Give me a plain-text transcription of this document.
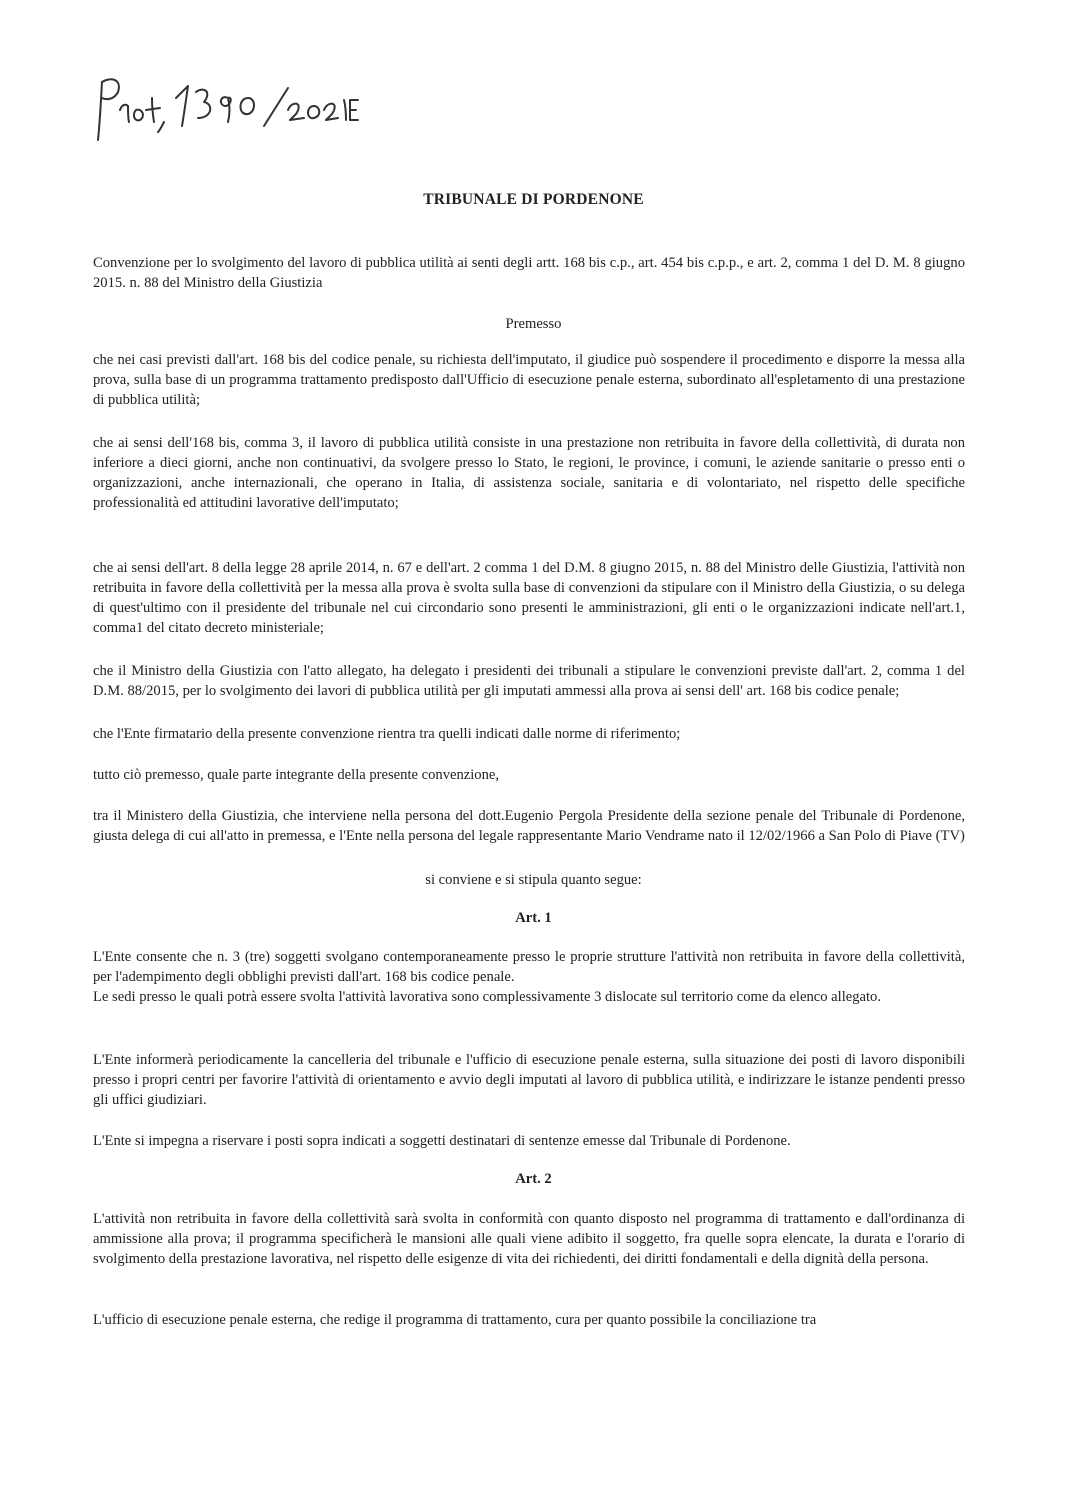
TRIBUNALE DI PORDENONE
Convenzione per lo svolgimento del lavoro di pubblica utilità ai senti degli artt. 168 bis c.p., art. 454 bis c.p.p., e art. 2, comma 1 del D. M. 8 giugno 2015. n. 88 del Ministro della Giustizia
Premesso
che nei casi previsti dall'art. 168 bis del codice penale, su richiesta dell'imputato, il giudice può sospendere il procedimento e disporre la messa alla prova, sulla base di un programma trattamento predisposto dall'Ufficio di esecuzione penale esterna, subordinato all'espletamento di una prestazione di pubblica utilità;
che ai sensi dell'168 bis, comma 3, il lavoro di pubblica utilità consiste in una prestazione non retribuita in favore della collettività, di durata non inferiore a dieci giorni, anche non continuativi, da svolgere presso lo Stato, le regioni, le province, i comuni, le aziende sanitarie o presso enti o organizzazioni, anche internazionali, che operano in Italia, di assistenza sociale, sanitaria e di volontariato, nel rispetto delle specifiche professionalità ed attitudini lavorative dell'imputato;
che ai sensi dell'art. 8 della legge 28 aprile 2014, n. 67 e dell'art. 2 comma 1 del D.M. 8 giugno 2015, n. 88 del Ministro delle Giustizia, l'attività non retribuita in favore della collettività per la messa alla prova è svolta sulla base di convenzioni da stipulare con il Ministro della Giustizia, o su delega di quest'ultimo con il presidente del tribunale nel cui circondario sono presenti le amministrazioni, gli enti o le organizzazioni indicate nell'art.1, comma1 del citato decreto ministeriale;
che il Ministro della Giustizia con l'atto allegato, ha delegato i presidenti dei tribunali a stipulare le convenzioni previste dall'art. 2, comma 1 del D.M. 88/2015, per lo svolgimento dei lavori di pubblica utilità per gli imputati ammessi alla prova ai sensi dell' art. 168 bis codice penale;
che l'Ente firmatario della presente convenzione rientra tra quelli indicati dalle norme di riferimento;
tutto ciò premesso, quale parte integrante della presente convenzione,
tra il Ministero della Giustizia, che interviene nella persona del dott.Eugenio Pergola Presidente della sezione penale del Tribunale di Pordenone, giusta delega di cui all'atto in premessa, e l'Ente nella persona del legale rappresentante Mario Vendrame nato il 12/02/1966 a San Polo di Piave (TV)
si conviene e si stipula quanto segue:
Art. 1
L'Ente consente che n. 3 (tre) soggetti svolgano contemporaneamente presso le proprie strutture l'attività non retribuita in favore della collettività, per l'adempimento degli obblighi previsti dall'art. 168 bis codice penale.
Le sedi presso le quali potrà essere svolta l'attività lavorativa sono complessivamente 3 dislocate sul territorio come da elenco allegato.
L'Ente informerà periodicamente la cancelleria del tribunale e l'ufficio di esecuzione penale esterna, sulla situazione dei posti di lavoro disponibili presso i propri centri per favorire l'attività di orientamento e avvio degli imputati al lavoro di pubblica utilità, e indirizzare le istanze pendenti presso gli uffici giudiziari.
L'Ente si impegna a riservare i posti sopra indicati a soggetti destinatari di sentenze emesse dal Tribunale di Pordenone.
Art. 2
L'attività non retribuita in favore della collettività sarà svolta in conformità con quanto disposto nel programma di trattamento e dall'ordinanza di ammissione alla prova; il programma specificherà le mansioni alle quali viene adibito il soggetto, fra quelle sopra elencate, la durata e l'orario di svolgimento della prestazione lavorativa, nel rispetto delle esigenze di vita dei richiedenti, dei diritti fondamentali e della dignità della persona.
L'ufficio di esecuzione penale esterna, che redige il programma di trattamento, cura per quanto possibile la conciliazione tra
